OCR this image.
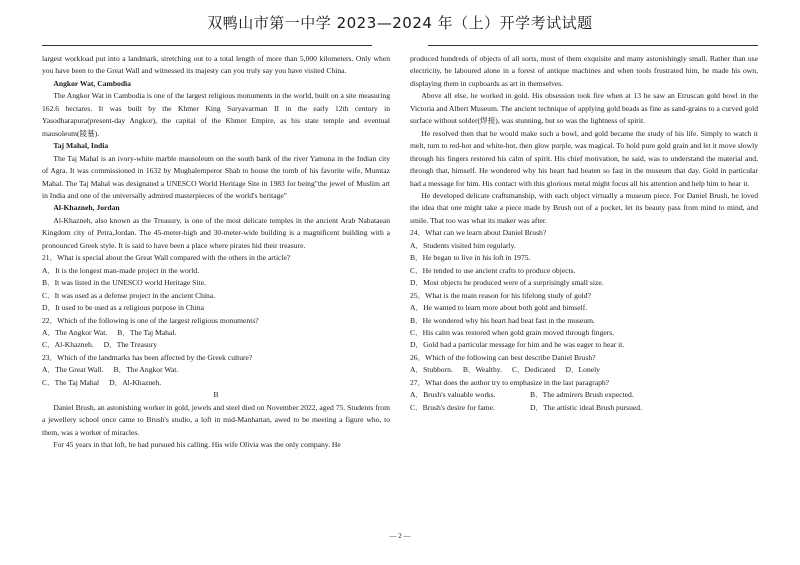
双鸭山市第一中学 2023—2024 年（上）开学考试试题

largest workload put into a landmark, stretching out to a total length of more than 5,000 kilometers. Only when you have been to the Great Wall and witnessed its majesty can you truly say you have visited China.

Angkor Wat, Cambodia

The Angkor Wat in Cambodia is one of the largest religious monuments in the world, built on a site measuring 162.6 hectares. It was built by the Khmer King Suryavarman II in the early 12th century in Yasodharapura(present-day Angkor), the capital of the Khmer Empire, as his state temple and eventual mausoleum(陵墓).

Taj Mahal, India

The Taj Mahal is an ivory-white marble mausoleum on the south bank of the river Yamuna in the Indian city of Agra. It was commissioned in 1632 by Mughalemperor Shah to house the tomb of his favorite wife, Mumtaz Mahal. The Taj Mahal was designated a UNESCO World Heritage Site in 1983 for being"the jewel of Muslim art in India and one of the universally admired masterpieces of the world's heritage"

Al-Khazneh, Jordan

Al-Khazneh, also known as the Treasury, is one of the most delicate temples in the ancient Arab Nabataean Kingdom city of Petra,Jordan. The 45-meter-high and 30-meter-wide building is a magnificent building with a pronounced Greek style. It is said to have been a place where pirates hid their treasure.

21．What is special about the Great Wall compared with the others in the article?

A．It is the longest man-made project in the world.

B．It was listed in the UNESCO world Heritage Site.

C．It was used as a defense project in the ancient China.

D．It used to be used as a religious purpose in China

22．Which of the following is one of the largest religious monuments?

A．The Angkor Wat. B．The Taj Mahal.
C．Al-Khazneh. D．The Treasury

23．Which of the landmarks has been affected by the Greek culture?

A．The Great Wall. B．The Angkor Wat.
C．The Taj Mahal D．Al-Khazneh.

B

Daniel Brush, an astonishing worker in gold, jewels and steel died on November 2022, aged 75. Students from a jewellery school once came to Brush's studio, a loft in mid-Manhattan, awed to be meeting a figure who, to them, was a worker of miracles.

For 45 years in that loft, he had pursued his calling. His wife Olivia was the only company. He

produced hundreds of objects of all sorts, most of them exquisite and many astonishingly small. Rather than use electricity, he laboured alone in a forest of antique machines and when tools frustrated him, he made his own, displaying them in cupboards as art in themselves.

Above all else, he worked in gold. His obsession took fire when at 13 he saw an Etruscan gold bowl in the Victoria and Albert Museum. The ancient technique of applying gold beads as fine as sand-grains to a curved gold surface without solder(焊接), was stunning, but so was the lightness of spirit.

He resolved then that he would make such a bowl, and gold became the study of his life. Simply to watch it melt, turn to red-hot and white-hot, then glow purple, was magical. To hold pure gold grain and let it move slowly through his fingers restored his calm of spirit. His chief motivation, he said, was to understand the material and, through that, himself. He wondered why his heart had beaten so fast in the museum that day. Gold in particular had a message for him. His contact with this glorious metal might focus all his attention and help him to hear it.

He developed delicate craftsmanship, with each object virtually a museum piece. For Daniel Brush, he loved the idea that one might take a piece made by Brush out of a pocket, let its beauty pass from mind to mind, and smile. That too was what its maker was after.

24．What can we learn about Daniel Brush?

A．Students visited him regularly.

B．He began to live in his loft in 1975.

C．He tended to use ancient crafts to produce objects.

D．Most objects he produced were of a surprisingly small size.

25．What is the main reason for his lifelong study of gold?

A．He wanted to learn more about both gold and himself.

B．He wondered why his heart had beat fast in the museum.

C．His calm was restored when gold grain moved through fingers.

D．Gold had a particular message for him and he was eager to hear it.

26．Which of the following can best describe Daniel Brush?

A．Stubborn. B．Wealthy. C．Dedicated D．Lonely

27．What does the author try to emphasize in the last paragraph?

A．Brush's valuable works.	B．The admirers Brush expected.
C．Brush's desire for fame.	D．The artistic ideal Brush pursued.
— 2 —
